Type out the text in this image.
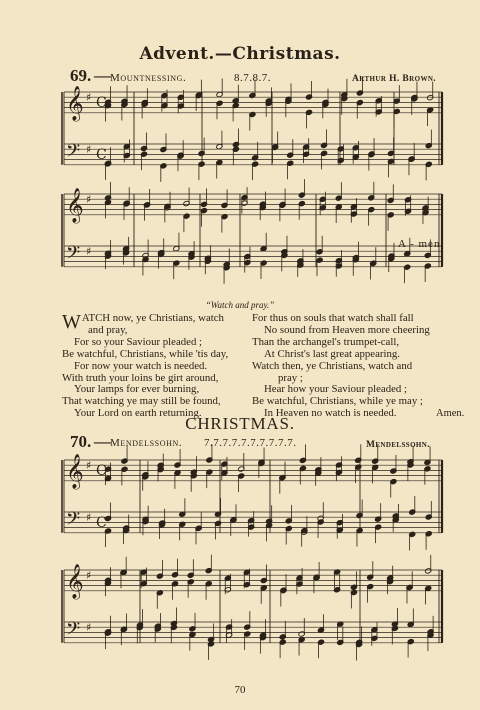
Advent.—Christmas.
69. — Mountnessing.	8.7.8.7.	Arthur H. Brown.
𝄞 ♯ C
𝄢 ♯ C
𝄞 ♯
𝄢 ♯
𝄞 ♯ C
𝄢 ♯ C
𝄞 ♯
𝄢 ♯
A - men.
“Watch and pray.”
WATCH now, ye Christians, watch
and pray,
For so your Saviour pleaded ;
Be watchful, Christians, while 'tis day,
For now your watch is needed.
With truth your loins be girt around,
Your lamps for ever burning,
That watching ye may still be found,
Your Lord on earth returning.
For thus on souls that watch shall fall
No sound from Heaven more cheering
Than the archangel's trumpet-call,
At Christ's last great appearing.
Watch then, ye Christians, watch and
pray ;
Hear how your Saviour pleaded ;
Be watchful, Christians, while ye may ;
In Heaven no watch is needed.	Amen.
CHRISTMAS.
70. — Mendelssohn. 7.7.7.7.7.7.7.7.7.7.	Mendelssohn.
70
